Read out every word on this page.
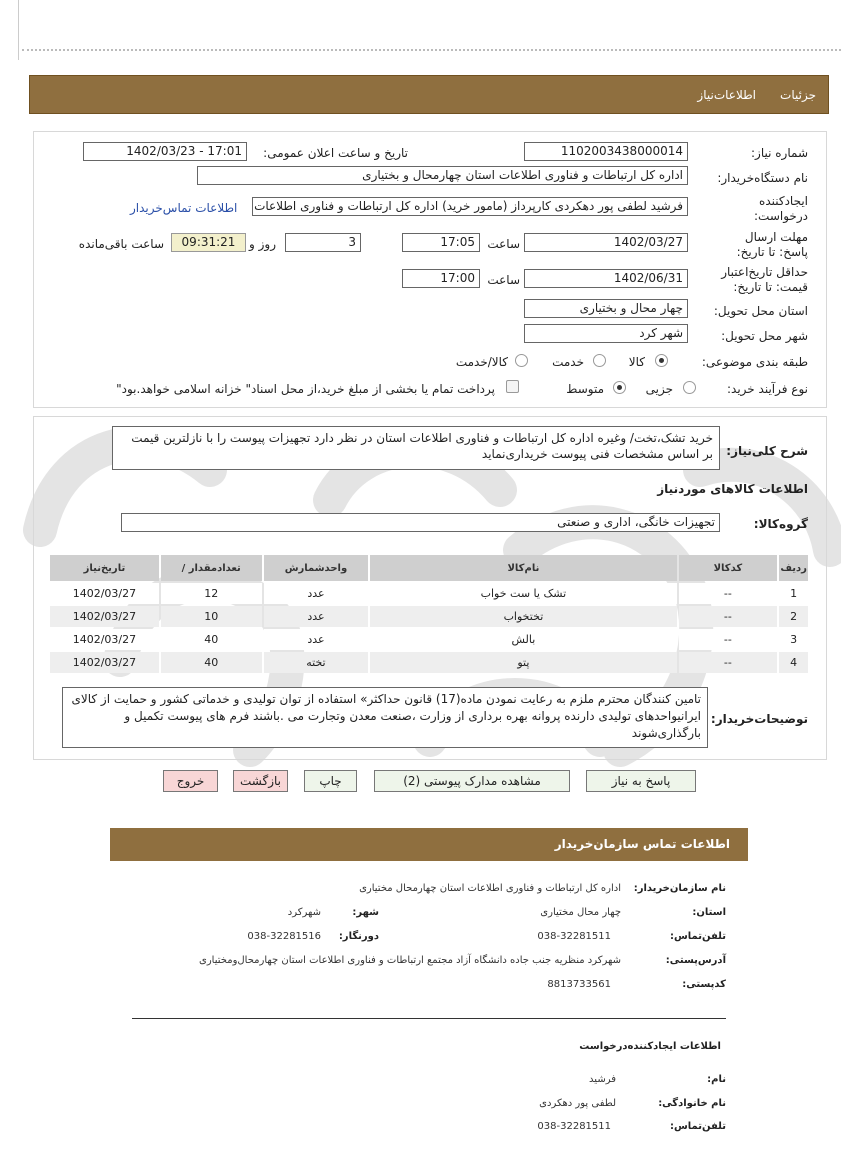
جزئیات
اطلاعات‌نیاز
شماره نیاز:
1102003438000014
تاریخ و ساعت اعلان عمومی:
1402/03/23 - 17:01
نام دستگاه‌خریدار:
اداره کل ارتباطات و فناوری اطلاعات استان چهارمحال و بختیاری
ایجادکننده درخواست:
فرشید لطفی پور دهکردی کارپرداز (مامور خرید) اداره کل ارتباطات و فناوری اطلاعات
اطلاعات تماس‌خریدار
مهلت ارسال پاسخ: تا تاریخ:
1402/03/27
ساعت
17:05
3
روز و
09:31:21
ساعت باقی‌مانده
حداقل تاریخ‌اعتبار قیمت: تا تاریخ:
1402/06/31
ساعت
17:00
استان محل تحویل:
چهار محال و بختیاری
شهر محل تحویل:
شهر کرد
طبقه بندی موضوعی:
کالا
خدمت
کالا/خدمت
نوع فرآیند خرید:
جزیی
متوسط
پرداخت تمام یا بخشی از مبلغ خرید،از محل اسناد" خزانه اسلامی خواهد.بود"
شرح کلی‌نیاز:
خرید تشک،تخت/ وغیره اداره کل ارتباطات و فناوری اطلاعات استان در نظر دارد تجهیزات پیوست را با نازلترین قیمت بر اساس مشخصات فنی پیوست خریداری‌نماید
اطلاعات کالاهای موردنیاز
گروه‌کالا:
تجهیزات خانگی، اداری و صنعتی
ردیف	کدکالا	نام‌کالا	واحدشمارش	تعدادمقدار /	تاریخ‌نیاز
1	--	تشک یا ست خواب	عدد	12	1402/03/27
2	--	تختخواب	عدد	10	1402/03/27
3	--	بالش	عدد	40	1402/03/27
4	--	پتو	تخته	40	1402/03/27
توضیحات‌خریدار:
تامین کنندگان محترم ملزم به رعایت نمودن ماده(17) قانون حداکثر» استفاده از توان تولیدی و خدماتی کشور و حمایت از کالای ایرانیواحدهای تولیدی دارنده پروانه بهره برداری از وزارت ،صنعت معدن وتجارت می .باشند فرم های پیوست تکمیل و بارگذاری‌شوند
پاسخ به نیاز
مشاهده مدارک پیوستی (2)
چاپ
بازگشت
خروج
اطلاعات تماس سازمان‌خریدار
نام سازمان‌خریدار:
اداره کل ارتباطات و فناوری اطلاعات استان چهارمحال مختیاری
استان:
چهار محال مختیاری
شهر:
شهرکرد
تلفن‌تماس:
038-32281511
دورنگار:
038-32281516
آدرس‌پستی:
شهرکرد منظریه جنب جاده دانشگاه آزاد مجتمع ارتباطات و فناوری اطلاعات استان چهارمحال‌ومختیاری
کدپستی:
8813733561
اطلاعات ایجادکننده‌درخواست
نام:
فرشید
نام خانوادگی:
لطفی پور دهکردی
تلفن‌تماس:
038-32281511
